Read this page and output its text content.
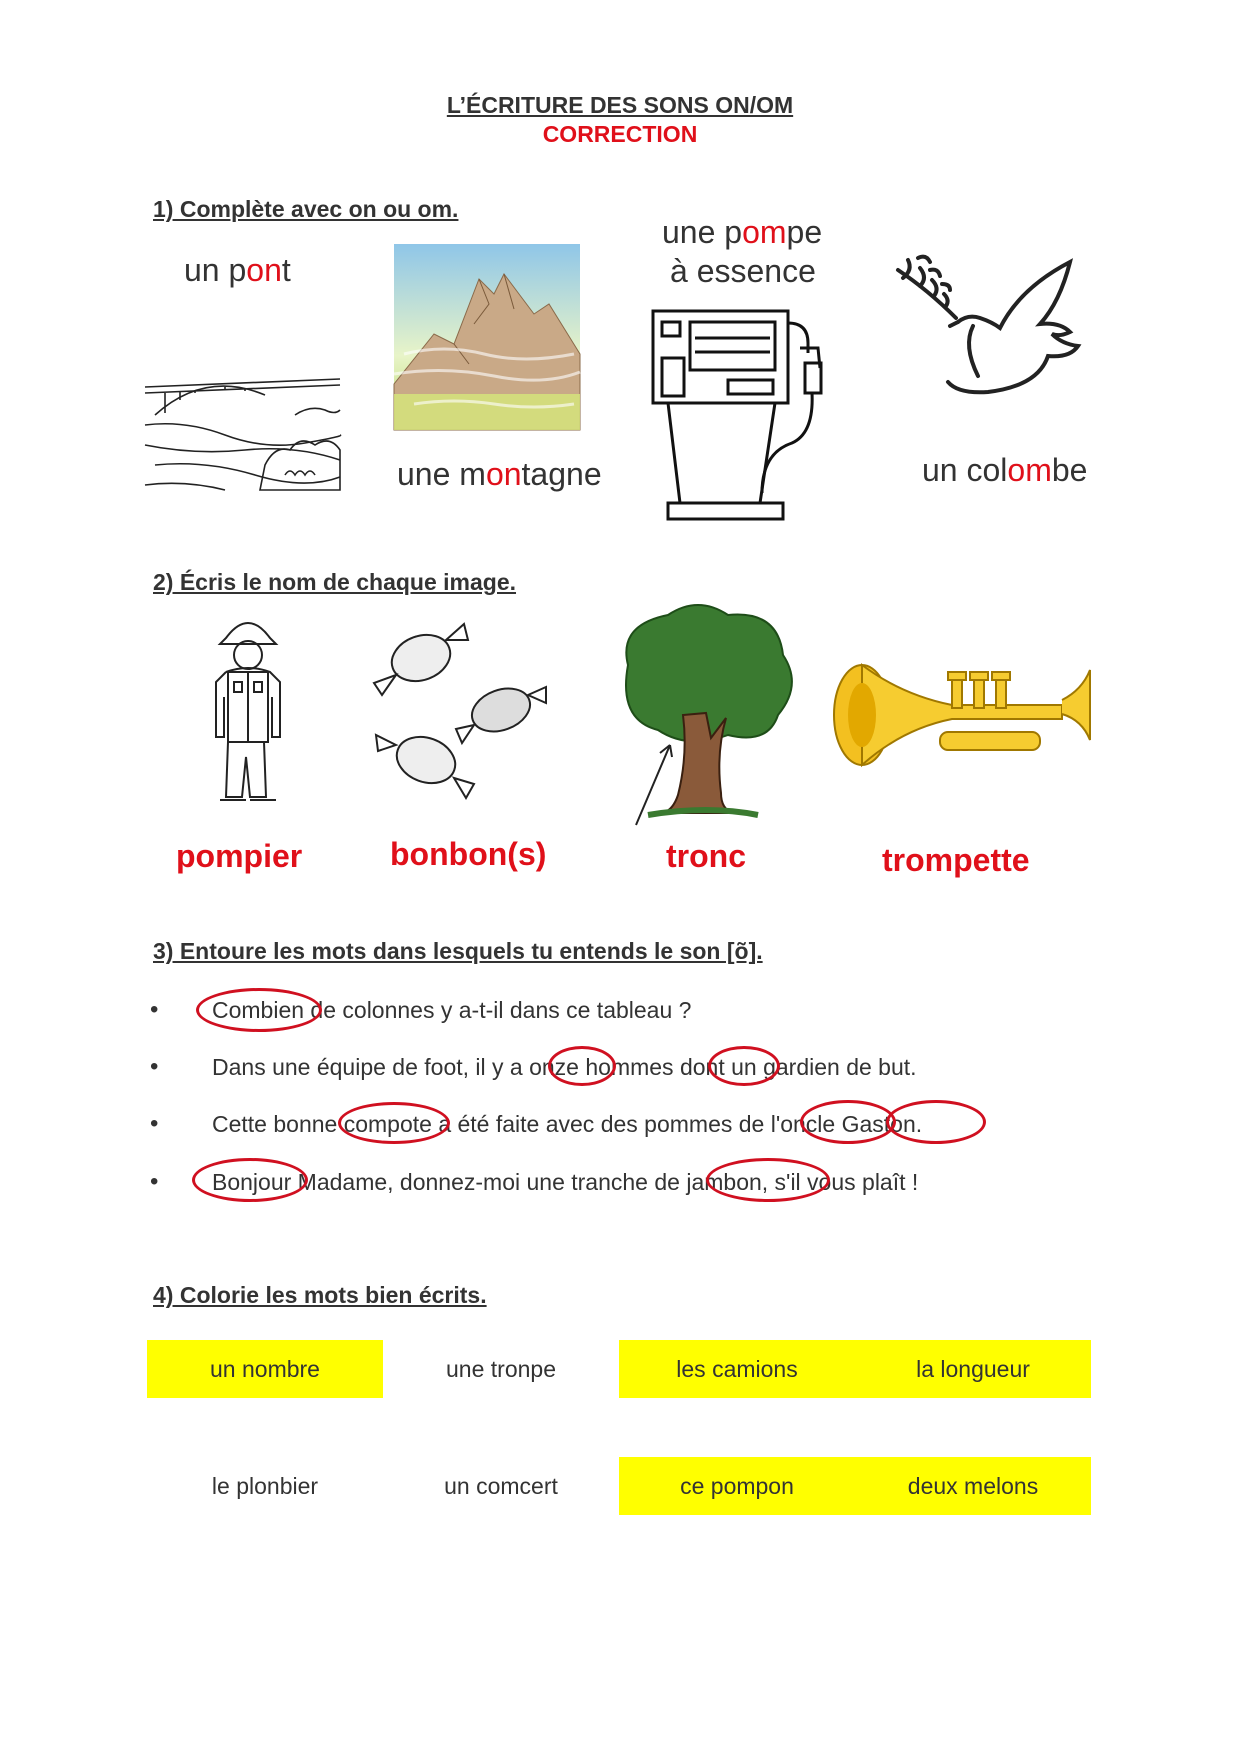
L’ÉCRITURE DES SONS ON/OM
CORRECTION
1) Complète avec on ou om.
un pont
une montagne
une pompe
à essence
un colombe
2) Écris le nom de chaque image.
pompier	bonbon(s)	tronc	trompette
3) Entoure les mots dans lesquels tu entends le son [õ].
• Combien de colonnes y a-t-il dans ce tableau ?
• Dans une équipe de foot, il y a onze hommes dont un gardien de but.
• Cette bonne compote a été faite avec des pommes de l'oncle Gaston.
• Bonjour Madame, donnez-moi une tranche de jambon, s'il vous plaît !
4) Colorie les mots bien écrits.
un nombre	une tronpe	les camions	la longueur
le plonbier	un comcert	ce pompon	deux melons
